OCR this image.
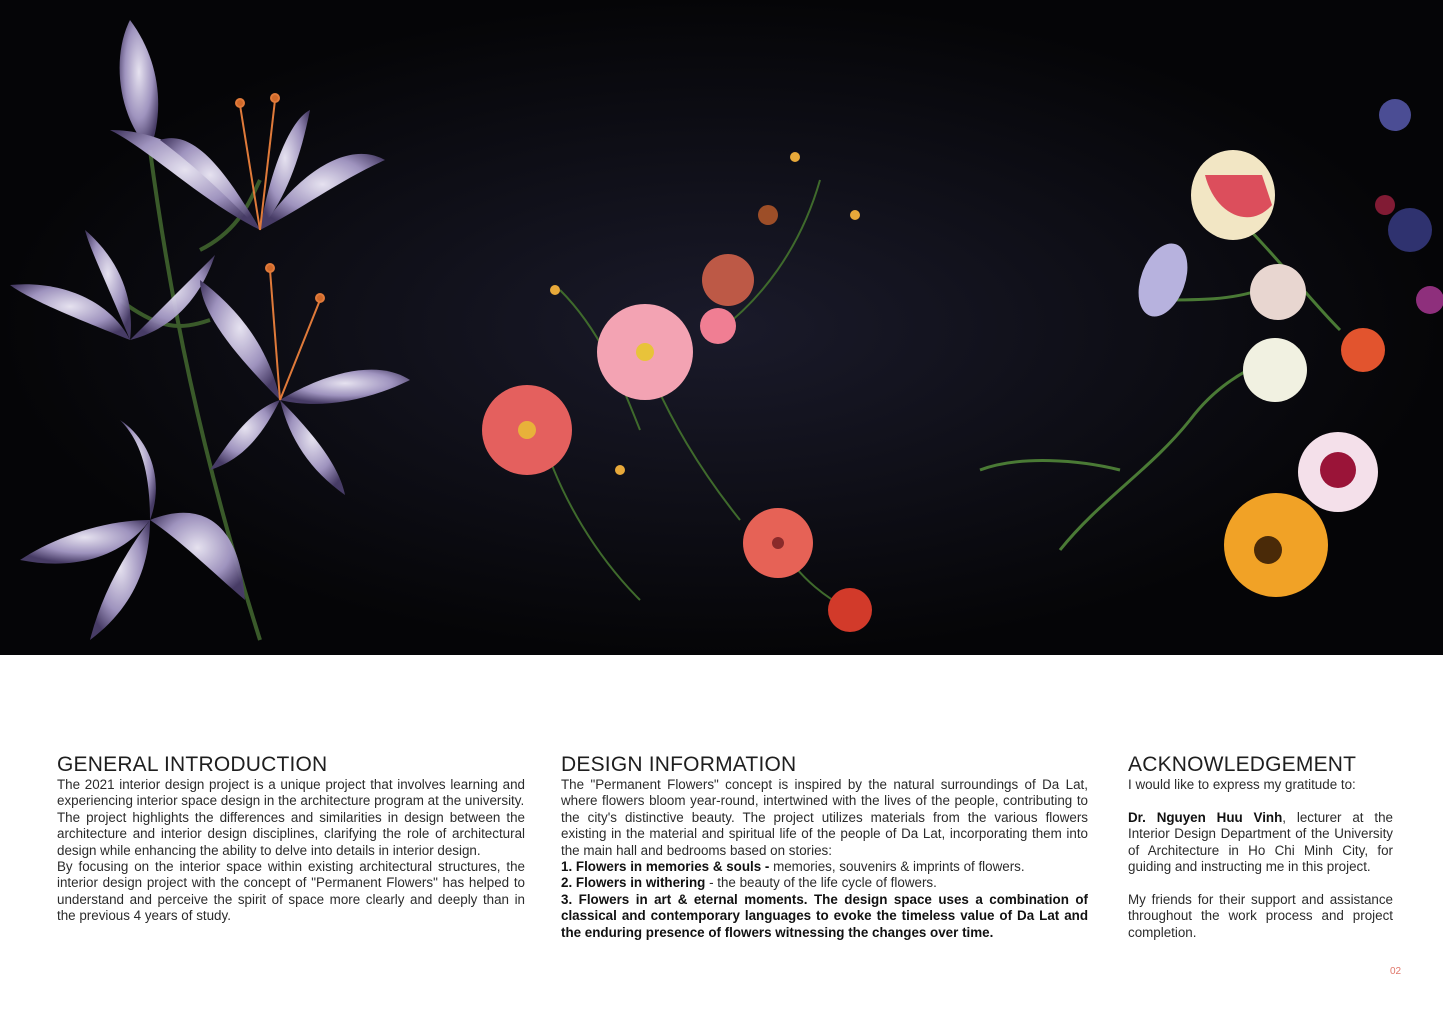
GENERAL INTRODUCTION

The 2021 interior design project is a unique project that involves learning and experiencing interior space design in the architecture program at the university.

The project highlights the differences and similarities in design between the architecture and interior design disciplines, clarifying the role of architectural design while enhancing the ability to delve into details in interior design.

By focusing on the interior space within existing architectural structures, the interior design project with the concept of "Permanent Flowers" has helped to understand and perceive the spirit of space more clearly and deeply than in the previous 4 years of study.

DESIGN INFORMATION

The "Permanent Flowers" concept is inspired by the natural surroundings of Da Lat, where flowers bloom year-round, intertwined with the lives of the people, contributing to the city's distinctive beauty. The project utilizes materials from the various flowers existing in the material and spiritual life of the people of Da Lat, incorporating them into the main hall and bedrooms based on stories:

1. Flowers in memories & souls - memories, souvenirs & imprints of flowers.

2. Flowers in withering - the beauty of the life cycle of flowers.

3. Flowers in art & eternal moments. The design space uses a combination of classical and contemporary languages to evoke the timeless value of Da Lat and the enduring presence of flowers witnessing the changes over time.

ACKNOWLEDGEMENT

I would like to express my gratitude to:

Dr. Nguyen Huu Vinh, lecturer at the Interior Design Department of the University of Architecture in Ho Chi Minh City, for guiding and instructing me in this project.

My friends for their support and assistance throughout the work process and project completion.

02
